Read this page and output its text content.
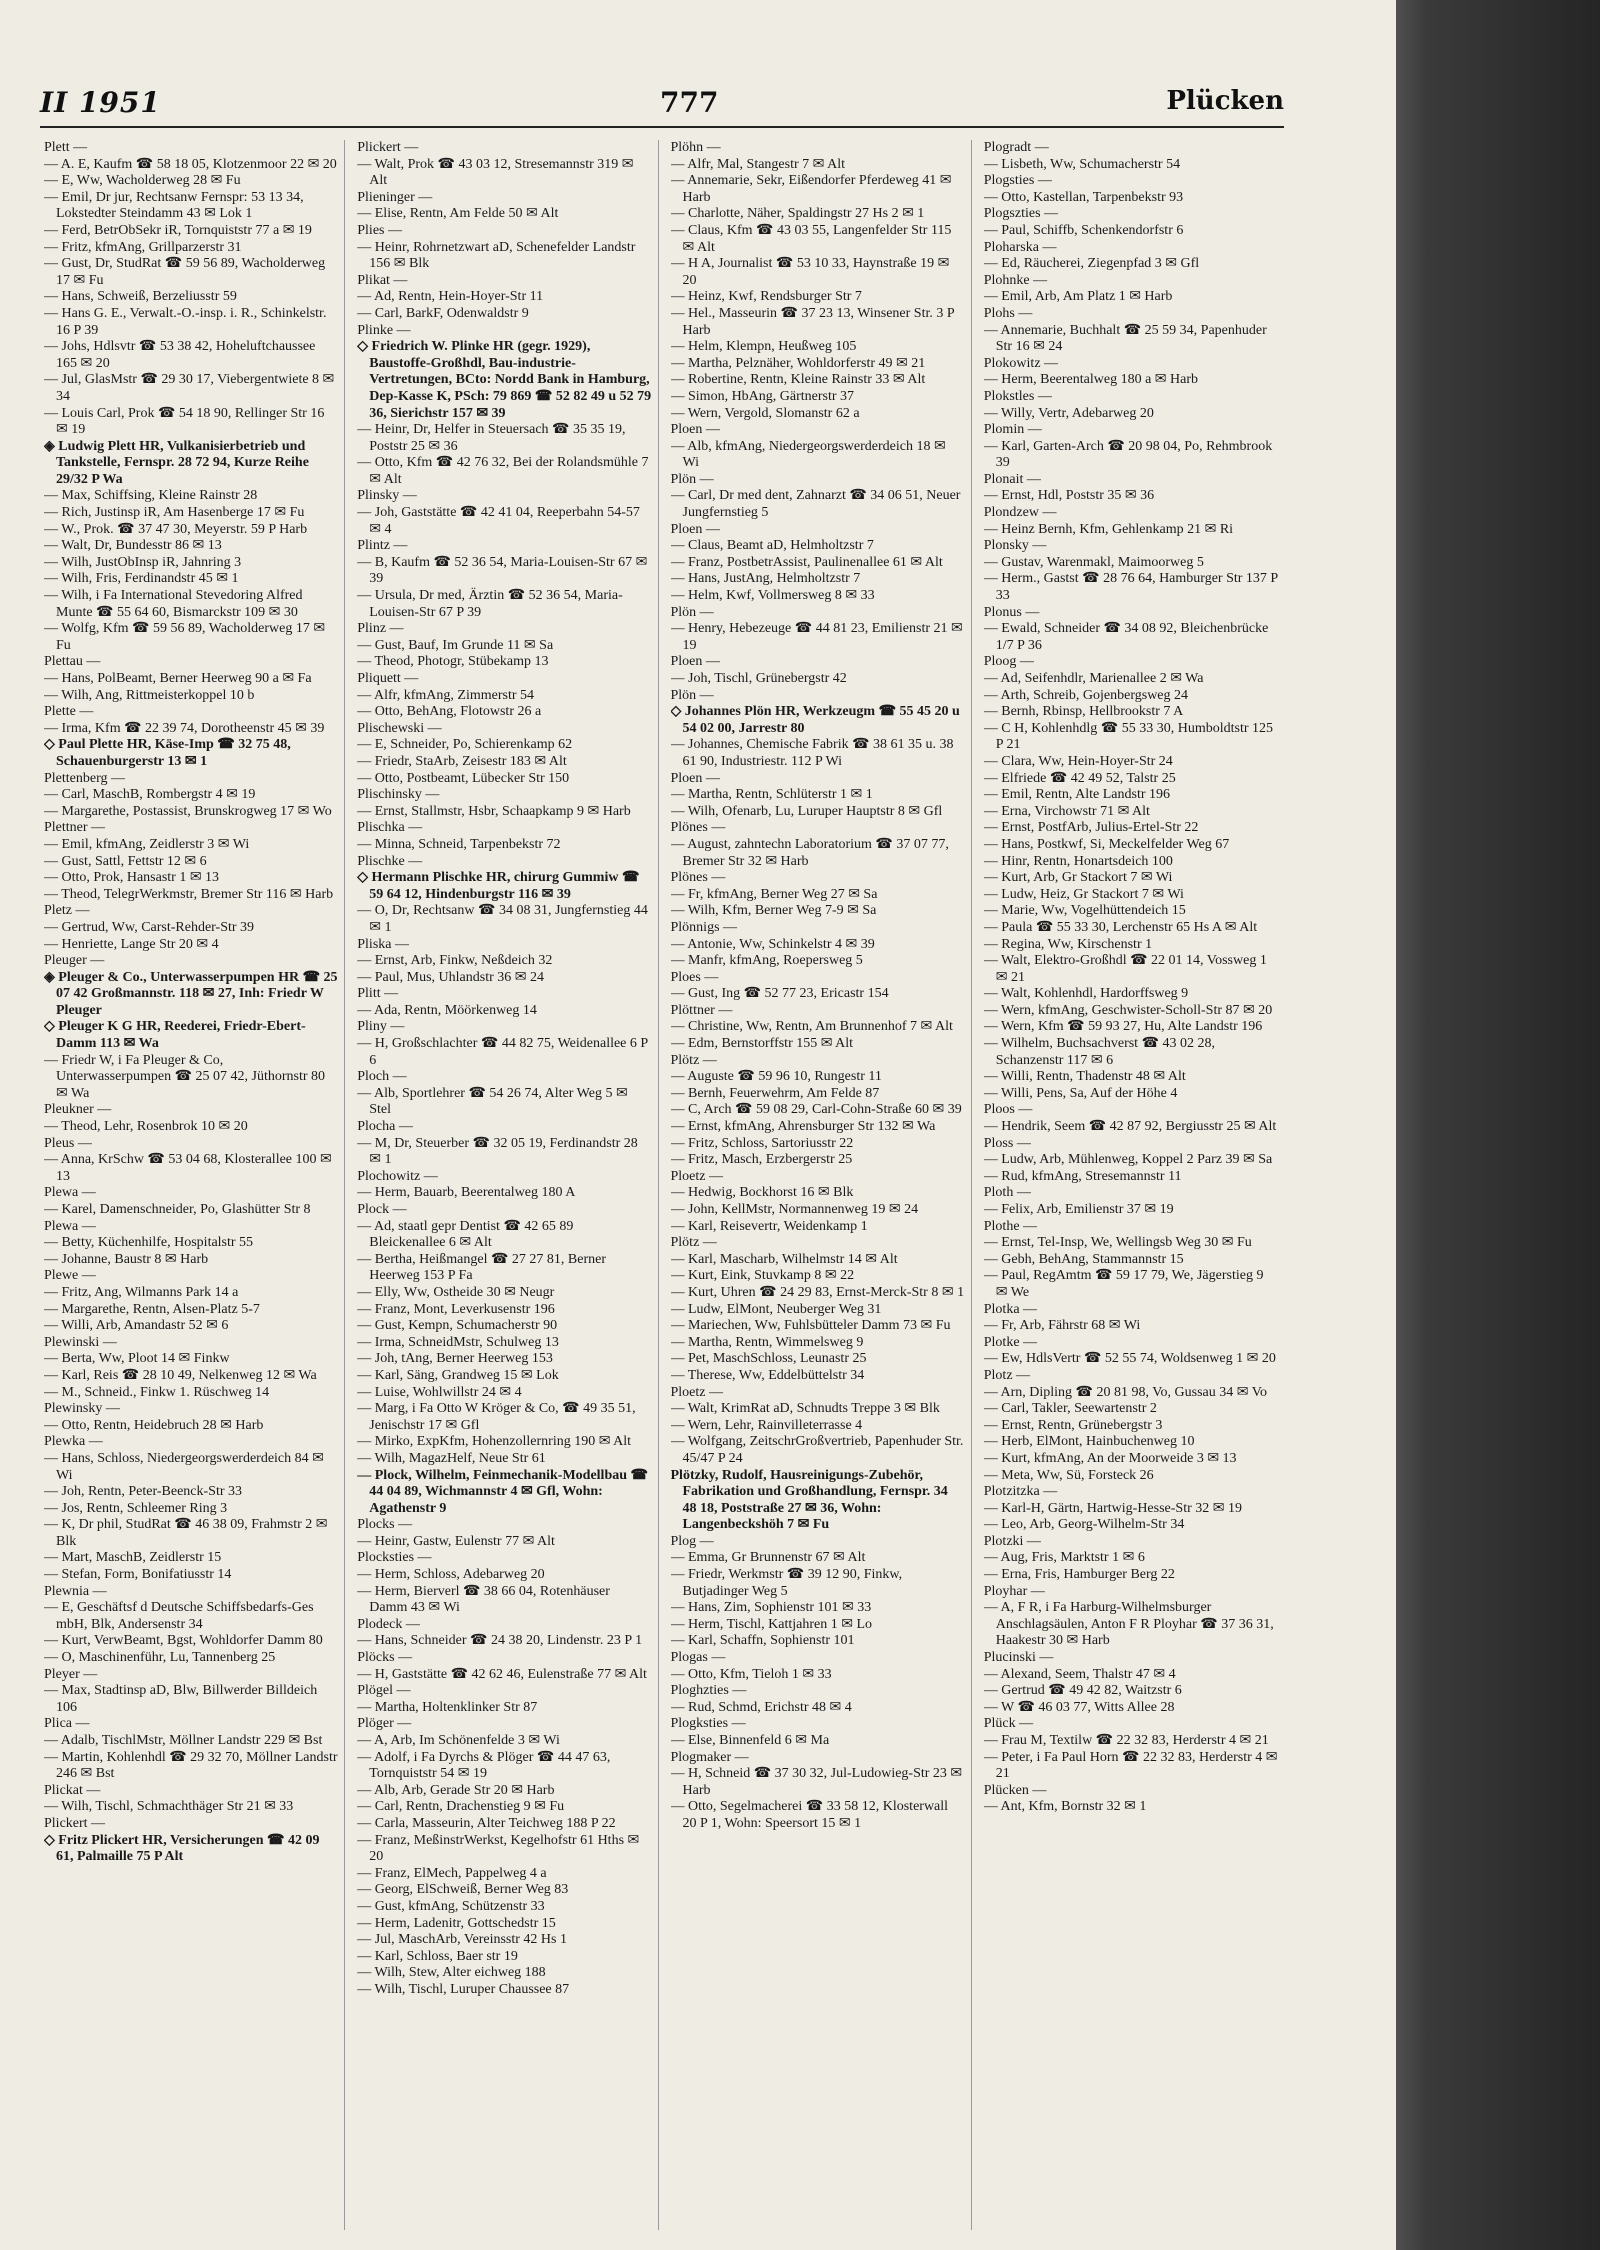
II 1951	777	Plücken

Plett —

— A. E, Kaufm ☎ 58 18 05, Klotzenmoor 22 ✉ 20

— E, Ww, Wacholderweg 28 ✉ Fu

— Emil, Dr jur, Rechtsanw Fernspr: 53 13 34, Lokstedter Steindamm 43 ✉ Lok 1

— Ferd, BetrObSekr iR, Tornquiststr 77 a ✉ 19

— Fritz, kfmAng, Grillparzerstr 31

— Gust, Dr, StudRat ☎ 59 56 89, Wacholderweg 17 ✉ Fu

— Hans, Schweiß, Berzeliusstr 59

— Hans G. E., Verwalt.-O.-insp. i. R., Schinkelstr. 16 P 39

— Johs, Hdlsvtr ☎ 53 38 42, Hoheluftchaussee 165 ✉ 20

— Jul, GlasMstr ☎ 29 30 17, Viebergentwiete 8 ✉ 34

— Louis Carl, Prok ☎ 54 18 90, Rellinger Str 16 ✉ 19

◈ Ludwig Plett HR, Vulkanisierbetrieb und Tankstelle, Fernspr. 28 72 94, Kurze Reihe 29/32 P Wa

— Max, Schiffsing, Kleine Rainstr 28

— Rich, Justinsp iR, Am Hasenberge 17 ✉ Fu

— W., Prok. ☎ 37 47 30, Meyerstr. 59 P Harb

— Walt, Dr, Bundesstr 86 ✉ 13

— Wilh, JustObInsp iR, Jahnring 3

— Wilh, Fris, Ferdinandstr 45 ✉ 1

— Wilh, i Fa International Stevedoring Alfred Munte ☎ 55 64 60, Bismarckstr 109 ✉ 30

— Wolfg, Kfm ☎ 59 56 89, Wacholderweg 17 ✉ Fu

Plettau —

— Hans, PolBeamt, Berner Heerweg 90 a ✉ Fa

— Wilh, Ang, Rittmeisterkoppel 10 b

Plette —

— Irma, Kfm ☎ 22 39 74, Dorotheenstr 45 ✉ 39

◇ Paul Plette HR, Käse-Imp ☎ 32 75 48, Schauenburgerstr 13 ✉ 1

Plettenberg —

— Carl, MaschB, Rombergstr 4 ✉ 19

— Margarethe, Postassist, Brunskrogweg 17 ✉ Wo

Plettner —

— Emil, kfmAng, Zeidlerstr 3 ✉ Wi

— Gust, Sattl, Fettstr 12 ✉ 6

— Otto, Prok, Hansastr 1 ✉ 13

— Theod, TelegrWerkmstr, Bremer Str 116 ✉ Harb

Pletz —

— Gertrud, Ww, Carst-Rehder-Str 39

— Henriette, Lange Str 20 ✉ 4

Pleuger —

◈ Pleuger & Co., Unterwasserpumpen HR ☎ 25 07 42 Großmannstr. 118 ✉ 27, Inh: Friedr W Pleuger

◇ Pleuger K G HR, Reederei, Friedr-Ebert-Damm 113 ✉ Wa

— Friedr W, i Fa Pleuger & Co, Unterwasserpumpen ☎ 25 07 42, Jüthornstr 80 ✉ Wa

Pleukner —

— Theod, Lehr, Rosenbrok 10 ✉ 20

Pleus —

— Anna, KrSchw ☎ 53 04 68, Klosterallee 100 ✉ 13

Plewa —

— Karel, Damenschneider, Po, Glashütter Str 8

Plewa —

— Betty, Küchenhilfe, Hospitalstr 55

— Johanne, Baustr 8 ✉ Harb

Plewe —

— Fritz, Ang, Wilmanns Park 14 a

— Margarethe, Rentn, Alsen-Platz 5-7

— Willi, Arb, Amandastr 52 ✉ 6

Plewinski —

— Berta, Ww, Ploot 14 ✉ Finkw

— Karl, Reis ☎ 28 10 49, Nelkenweg 12 ✉ Wa

— M., Schneid., Finkw 1. Rüschweg 14

Plewinsky —

— Otto, Rentn, Heidebruch 28 ✉ Harb

Plewka —

— Hans, Schloss, Niedergeorgswerderdeich 84 ✉ Wi

— Joh, Rentn, Peter-Beenck-Str 33

— Jos, Rentn, Schleemer Ring 3

— K, Dr phil, StudRat ☎ 46 38 09, Frahmstr 2 ✉ Blk

— Mart, MaschB, Zeidlerstr 15

— Stefan, Form, Bonifatiusstr 14

Plewnia —

— E, Geschäftsf d Deutsche Schiffsbedarfs-Ges mbH, Blk, Andersenstr 34

— Kurt, VerwBeamt, Bgst, Wohldorfer Damm 80

— O, Maschinenführ, Lu, Tannenberg 25

Pleyer —

— Max, Stadtinsp aD, Blw, Billwerder Billdeich 106

Plica —

— Adalb, TischlMstr, Möllner Landstr 229 ✉ Bst

— Martin, Kohlenhdl ☎ 29 32 70, Möllner Landstr 246 ✉ Bst

Plickat —

— Wilh, Tischl, Schmachthäger Str 21 ✉ 33

Plickert —

◇ Fritz Plickert HR, Versicherungen ☎ 42 09 61, Palmaille 75 P Alt

Plickert —

— Walt, Prok ☎ 43 03 12, Stresemannstr 319 ✉ Alt

Plieninger —

— Elise, Rentn, Am Felde 50 ✉ Alt

Plies —

— Heinr, Rohrnetzwart aD, Schenefelder Landstr 156 ✉ Blk

Plikat —

— Ad, Rentn, Hein-Hoyer-Str 11

— Carl, BarkF, Odenwaldstr 9

Plinke —

◇ Friedrich W. Plinke HR (gegr. 1929), Baustoffe-Großhdl, Bau-industrie-Vertretungen, BCto: Nordd Bank in Hamburg, Dep-Kasse K, PSch: 79 869 ☎ 52 82 49 u 52 79 36, Sierichstr 157 ✉ 39

— Heinr, Dr, Helfer in Steuersach ☎ 35 35 19, Poststr 25 ✉ 36

— Otto, Kfm ☎ 42 76 32, Bei der Rolandsmühle 7 ✉ Alt

Plinsky —

— Joh, Gaststätte ☎ 42 41 04, Reeperbahn 54-57 ✉ 4

Plintz —

— B, Kaufm ☎ 52 36 54, Maria-Louisen-Str 67 ✉ 39

— Ursula, Dr med, Ärztin ☎ 52 36 54, Maria-Louisen-Str 67 P 39

Plinz —

— Gust, Bauf, Im Grunde 11 ✉ Sa

— Theod, Photogr, Stübekamp 13

Pliquett —

— Alfr, kfmAng, Zimmerstr 54

— Otto, BehAng, Flotowstr 26 a

Plischewski —

— E, Schneider, Po, Schierenkamp 62

— Friedr, StaArb, Zeisestr 183 ✉ Alt

— Otto, Postbeamt, Lübecker Str 150

Plischinsky —

— Ernst, Stallmstr, Hsbr, Schaapkamp 9 ✉ Harb

Plischka —

— Minna, Schneid, Tarpenbekstr 72

Plischke —

◇ Hermann Plischke HR, chirurg Gummiw ☎ 59 64 12, Hindenburgstr 116 ✉ 39

— O, Dr, Rechtsanw ☎ 34 08 31, Jungfernstieg 44 ✉ 1

Pliska —

— Ernst, Arb, Finkw, Neßdeich 32

— Paul, Mus, Uhlandstr 36 ✉ 24

Plitt —

— Ada, Rentn, Möörkenweg 14

Pliny —

— H, Großschlachter ☎ 44 82 75, Weidenallee 6 P 6

Ploch —

— Alb, Sportlehrer ☎ 54 26 74, Alter Weg 5 ✉ Stel

Plocha —

— M, Dr, Steuerber ☎ 32 05 19, Ferdinandstr 28 ✉ 1

Plochowitz —

— Herm, Bauarb, Beerentalweg 180 A

Plock —

— Ad, staatl gepr Dentist ☎ 42 65 89 Bleickenallee 6 ✉ Alt

— Bertha, Heißmangel ☎ 27 27 81, Berner Heerweg 153 P Fa

— Elly, Ww, Ostheide 30 ✉ Neugr

— Franz, Mont, Leverkusenstr 196

— Gust, Kempn, Schumacherstr 90

— Irma, SchneidMstr, Schulweg 13

— Joh, tAng, Berner Heerweg 153

— Karl, Säng, Grandweg 15 ✉ Lok

— Luise, Wohlwillstr 24 ✉ 4

— Marg, i Fa Otto W Kröger & Co, ☎ 49 35 51, Jenischstr 17 ✉ Gfl

— Mirko, ExpKfm, Hohenzollernring 190 ✉ Alt

— Wilh, MagazHelf, Neue Str 61

— Plock, Wilhelm, Feinmechanik-Modellbau ☎ 44 04 89, Wichmannstr 4 ✉ Gfl, Wohn: Agathenstr 9

Plocks —

— Heinr, Gastw, Eulenstr 77 ✉ Alt

Plocksties —

— Herm, Schloss, Adebarweg 20

— Herm, Bierverl ☎ 38 66 04, Rotenhäuser Damm 43 ✉ Wi

Plodeck —

— Hans, Schneider ☎ 24 38 20, Lindenstr. 23 P 1

Plöcks —

— H, Gaststätte ☎ 42 62 46, Eulenstraße 77 ✉ Alt

Plögel —

— Martha, Holtenklinker Str 87

Plöger —

— A, Arb, Im Schönenfelde 3 ✉ Wi

— Adolf, i Fa Dyrchs & Plöger ☎ 44 47 63, Tornquiststr 54 ✉ 19

— Alb, Arb, Gerade Str 20 ✉ Harb

— Carl, Rentn, Drachenstieg 9 ✉ Fu

— Carla, Masseurin, Alter Teichweg 188 P 22

— Franz, MeßinstrWerkst, Kegelhofstr 61 Hths ✉ 20

— Franz, ElMech, Pappelweg 4 a

— Georg, ElSchweiß, Berner Weg 83

— Gust, kfmAng, Schützenstr 33

— Herm, Ladenitr, Gottschedstr 15

— Jul, MaschArb, Vereinsstr 42 Hs 1

— Karl, Schloss, Baer str 19

— Wilh, Stew, Alter eichweg 188

— Wilh, Tischl, Luruper Chaussee 87

Plöhn —

— Alfr, Mal, Stangestr 7 ✉ Alt

— Annemarie, Sekr, Eißendorfer Pferdeweg 41 ✉ Harb

— Charlotte, Näher, Spaldingstr 27 Hs 2 ✉ 1

— Claus, Kfm ☎ 43 03 55, Langenfelder Str 115 ✉ Alt

— H A, Journalist ☎ 53 10 33, Haynstraße 19 ✉ 20

— Heinz, Kwf, Rendsburger Str 7

— Hel., Masseurin ☎ 37 23 13, Winsener Str. 3 P Harb

— Helm, Klempn, Heußweg 105

— Martha, Pelznäher, Wohldorferstr 49 ✉ 21

— Robertine, Rentn, Kleine Rainstr 33 ✉ Alt

— Simon, HbAng, Gärtnerstr 37

— Wern, Vergold, Slomanstr 62 a

Ploen —

— Alb, kfmAng, Niedergeorgswerderdeich 18 ✉ Wi

Plön —

— Carl, Dr med dent, Zahnarzt ☎ 34 06 51, Neuer Jungfernstieg 5

Ploen —

— Claus, Beamt aD, Helmholtzstr 7

— Franz, PostbetrAssist, Paulinenallee 61 ✉ Alt

— Hans, JustAng, Helmholtzstr 7

— Helm, Kwf, Vollmersweg 8 ✉ 33

Plön —

— Henry, Hebezeuge ☎ 44 81 23, Emilienstr 21 ✉ 19

Ploen —

— Joh, Tischl, Grünebergstr 42

Plön —

◇ Johannes Plön HR, Werkzeugm ☎ 55 45 20 u 54 02 00, Jarrestr 80

— Johannes, Chemische Fabrik ☎ 38 61 35 u. 38 61 90, Industriestr. 112 P Wi

Ploen —

— Martha, Rentn, Schlüterstr 1 ✉ 1

— Wilh, Ofenarb, Lu, Luruper Hauptstr 8 ✉ Gfl

Plönes —

— August, zahntechn Laboratorium ☎ 37 07 77, Bremer Str 32 ✉ Harb

Plönes —

— Fr, kfmAng, Berner Weg 27 ✉ Sa

— Wilh, Kfm, Berner Weg 7-9 ✉ Sa

Plönnigs —

— Antonie, Ww, Schinkelstr 4 ✉ 39

— Manfr, kfmAng, Roepersweg 5

Ploes —

— Gust, Ing ☎ 52 77 23, Ericastr 154

Plöttner —

— Christine, Ww, Rentn, Am Brunnenhof 7 ✉ Alt

— Edm, Bernstorffstr 155 ✉ Alt

Plötz —

— Auguste ☎ 59 96 10, Rungestr 11

— Bernh, Feuerwehrm, Am Felde 87

— C, Arch ☎ 59 08 29, Carl-Cohn-Straße 60 ✉ 39

— Ernst, kfmAng, Ahrensburger Str 132 ✉ Wa

— Fritz, Schloss, Sartoriusstr 22

— Fritz, Masch, Erzbergerstr 25

Ploetz —

— Hedwig, Bockhorst 16 ✉ Blk

— John, KellMstr, Normannenweg 19 ✉ 24

— Karl, Reisevertr, Weidenkamp 1

Plötz —

— Karl, Mascharb, Wilhelmstr 14 ✉ Alt

— Kurt, Eink, Stuvkamp 8 ✉ 22

— Kurt, Uhren ☎ 24 29 83, Ernst-Merck-Str 8 ✉ 1

— Ludw, ElMont, Neuberger Weg 31

— Mariechen, Ww, Fuhlsbütteler Damm 73 ✉ Fu

— Martha, Rentn, Wimmelsweg 9

— Pet, MaschSchloss, Leunastr 25

— Therese, Ww, Eddelbüttelstr 34

Ploetz —

— Walt, KrimRat aD, Schnudts Treppe 3 ✉ Blk

— Wern, Lehr, Rainvilleterrasse 4

— Wolfgang, ZeitschrGroßvertrieb, Papenhuder Str. 45/47 P 24

Plötzky, Rudolf, Hausreinigungs-Zubehör, Fabrikation und Großhandlung, Fernspr. 34 48 18, Poststraße 27 ✉ 36, Wohn: Langenbeckshöh 7 ✉ Fu

Plog —

— Emma, Gr Brunnenstr 67 ✉ Alt

— Friedr, Werkmstr ☎ 39 12 90, Finkw, Butjadinger Weg 5

— Hans, Zim, Sophienstr 101 ✉ 33

— Herm, Tischl, Kattjahren 1 ✉ Lo

— Karl, Schaffn, Sophienstr 101

Plogas —

— Otto, Kfm, Tieloh 1 ✉ 33

Ploghzties —

— Rud, Schmd, Erichstr 48 ✉ 4

Plogksties —

— Else, Binnenfeld 6 ✉ Ma

Plogmaker —

— H, Schneid ☎ 37 30 32, Jul-Ludowieg-Str 23 ✉ Harb

— Otto, Segelmacherei ☎ 33 58 12, Klosterwall 20 P 1, Wohn: Speersort 15 ✉ 1

Plogradt —

— Lisbeth, Ww, Schumacherstr 54

Plogsties —

— Otto, Kastellan, Tarpenbekstr 93

Plogszties —

— Paul, Schiffb, Schenkendorfstr 6

Ploharska —

— Ed, Räucherei, Ziegenpfad 3 ✉ Gfl

Plohnke —

— Emil, Arb, Am Platz 1 ✉ Harb

Plohs —

— Annemarie, Buchhalt ☎ 25 59 34, Papenhuder Str 16 ✉ 24

Plokowitz —

— Herm, Beerentalweg 180 a ✉ Harb

Plokstles —

— Willy, Vertr, Adebarweg 20

Plomin —

— Karl, Garten-Arch ☎ 20 98 04, Po, Rehmbrook 39

Plonait —

— Ernst, Hdl, Poststr 35 ✉ 36

Plondzew —

— Heinz Bernh, Kfm, Gehlenkamp 21 ✉ Ri

Plonsky —

— Gustav, Warenmakl, Maimoorweg 5

— Herm., Gastst ☎ 28 76 64, Hamburger Str 137 P 33

Plonus —

— Ewald, Schneider ☎ 34 08 92, Bleichenbrücke 1/7 P 36

Ploog —

— Ad, Seifenhdlr, Marienallee 2 ✉ Wa

— Arth, Schreib, Gojenbergsweg 24

— Bernh, Rbinsp, Hellbrookstr 7 A

— C H, Kohlenhdlg ☎ 55 33 30, Humboldtstr 125 P 21

— Clara, Ww, Hein-Hoyer-Str 24

— Elfriede ☎ 42 49 52, Talstr 25

— Emil, Rentn, Alte Landstr 196

— Erna, Virchowstr 71 ✉ Alt

— Ernst, PostfArb, Julius-Ertel-Str 22

— Hans, Postkwf, Si, Meckelfelder Weg 67

— Hinr, Rentn, Honartsdeich 100

— Kurt, Arb, Gr Stackort 7 ✉ Wi

— Ludw, Heiz, Gr Stackort 7 ✉ Wi

— Marie, Ww, Vogelhüttendeich 15

— Paula ☎ 55 33 30, Lerchenstr 65 Hs A ✉ Alt

— Regina, Ww, Kirschenstr 1

— Walt, Elektro-Großhdl ☎ 22 01 14, Vossweg 1 ✉ 21

— Walt, Kohlenhdl, Hardorffsweg 9

— Wern, kfmAng, Geschwister-Scholl-Str 87 ✉ 20

— Wern, Kfm ☎ 59 93 27, Hu, Alte Landstr 196

— Wilhelm, Buchsachverst ☎ 43 02 28, Schanzenstr 117 ✉ 6

— Willi, Rentn, Thadenstr 48 ✉ Alt

— Willi, Pens, Sa, Auf der Höhe 4

Ploos —

— Hendrik, Seem ☎ 42 87 92, Bergiusstr 25 ✉ Alt

Ploss —

— Ludw, Arb, Mühlenweg, Koppel 2 Parz 39 ✉ Sa

— Rud, kfmAng, Stresemannstr 11

Ploth —

— Felix, Arb, Emilienstr 37 ✉ 19

Plothe —

— Ernst, Tel-Insp, We, Wellingsb Weg 30 ✉ Fu

— Gebh, BehAng, Stammannstr 15

— Paul, RegAmtm ☎ 59 17 79, We, Jägerstieg 9 ✉ We

Plotka —

— Fr, Arb, Fährstr 68 ✉ Wi

Plotke —

— Ew, HdlsVertr ☎ 52 55 74, Woldsenweg 1 ✉ 20

Plotz —

— Arn, Dipling ☎ 20 81 98, Vo, Gussau 34 ✉ Vo

— Carl, Takler, Seewartenstr 2

— Ernst, Rentn, Grünebergstr 3

— Herb, ElMont, Hainbuchenweg 10

— Kurt, kfmAng, An der Moorweide 3 ✉ 13

— Meta, Ww, Sü, Forsteck 26

Plotzitzka —

— Karl-H, Gärtn, Hartwig-Hesse-Str 32 ✉ 19

— Leo, Arb, Georg-Wilhelm-Str 34

Plotzki —

— Aug, Fris, Marktstr 1 ✉ 6

— Erna, Fris, Hamburger Berg 22

Ployhar —

— A, F R, i Fa Harburg-Wilhelmsburger Anschlagsäulen, Anton F R Ployhar ☎ 37 36 31, Haakestr 30 ✉ Harb

Plucinski —

— Alexand, Seem, Thalstr 47 ✉ 4

— Gertrud ☎ 49 42 82, Waitzstr 6

— W ☎ 46 03 77, Witts Allee 28

Plück —

— Frau M, Textilw ☎ 22 32 83, Herderstr 4 ✉ 21

— Peter, i Fa Paul Horn ☎ 22 32 83, Herderstr 4 ✉ 21

Plücken —

— Ant, Kfm, Bornstr 32 ✉ 1
